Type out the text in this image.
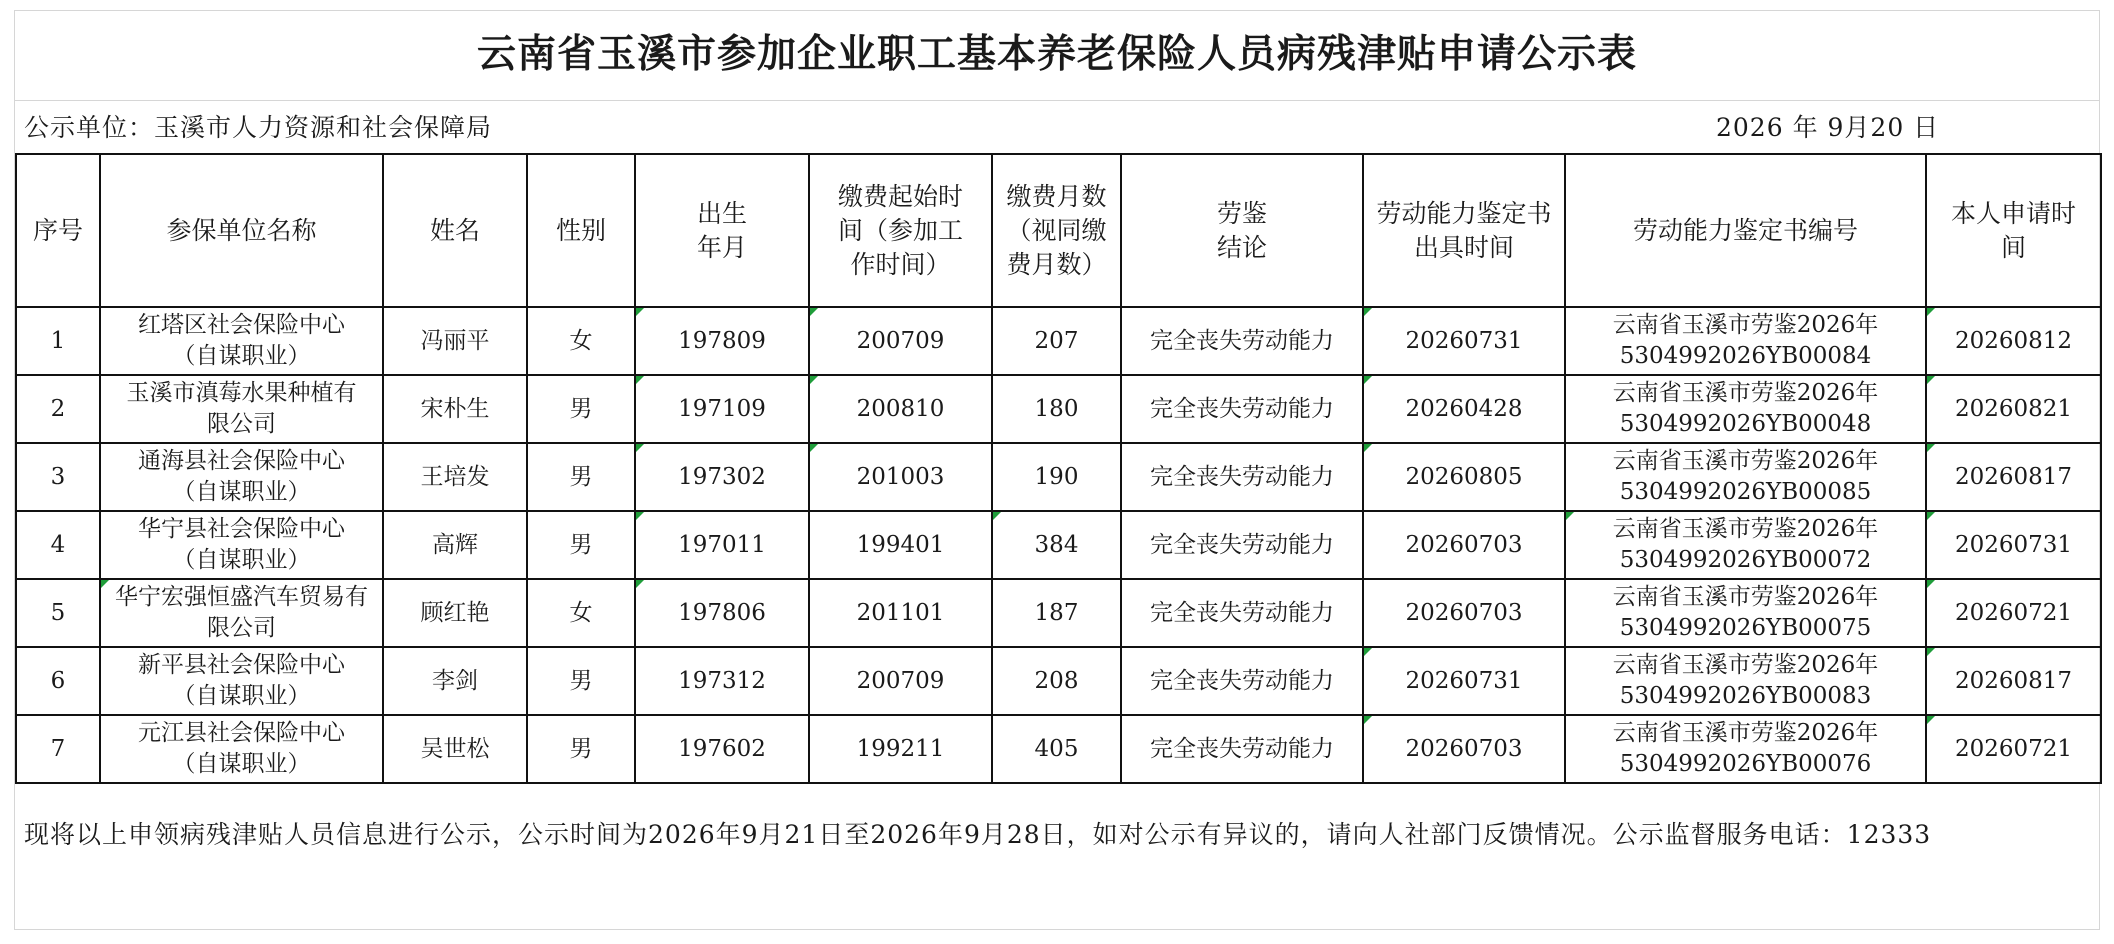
云南省玉溪市参加企业职工基本养老保险人员病残津贴申请公示表
公示单位：玉溪市人力资源和社会保障局	2026 年 9月20 日
序号	参保单位名称	姓名	性别	出生年月	缴费起始时间（参加工作时间）	缴费月数（视同缴费月数）	劳鉴结论	劳动能力鉴定书出具时间	劳动能力鉴定书编号	本人申请时间
1	红塔区社会保险中心（自谋职业）	冯丽平	女	197809	200709	207	完全丧失劳动能力	20260731	云南省玉溪市劳鉴2026年5304992026YB00084	20260812
2	玉溪市滇莓水果种植有限公司	宋朴生	男	197109	200810	180	完全丧失劳动能力	20260428	云南省玉溪市劳鉴2026年5304992026YB00048	20260821
3	通海县社会保险中心（自谋职业）	王培发	男	197302	201003	190	完全丧失劳动能力	20260805	云南省玉溪市劳鉴2026年5304992026YB00085	20260817
4	华宁县社会保险中心（自谋职业）	高辉	男	197011	199401	384	完全丧失劳动能力	20260703	云南省玉溪市劳鉴2026年5304992026YB00072	20260731
5	华宁宏强恒盛汽车贸易有限公司	顾红艳	女	197806	201101	187	完全丧失劳动能力	20260703	云南省玉溪市劳鉴2026年5304992026YB00075	20260721
6	新平县社会保险中心（自谋职业）	李剑	男	197312	200709	208	完全丧失劳动能力	20260731	云南省玉溪市劳鉴2026年5304992026YB00083	20260817
7	元江县社会保险中心（自谋职业）	吴世松	男	197602	199211	405	完全丧失劳动能力	20260703	云南省玉溪市劳鉴2026年5304992026YB00076	20260721
现将以上申领病残津贴人员信息进行公示，公示时间为2026年9月21日至2026年9月28日，如对公示有异议的，请向人社部门反馈情况。公示监督服务电话：12333
